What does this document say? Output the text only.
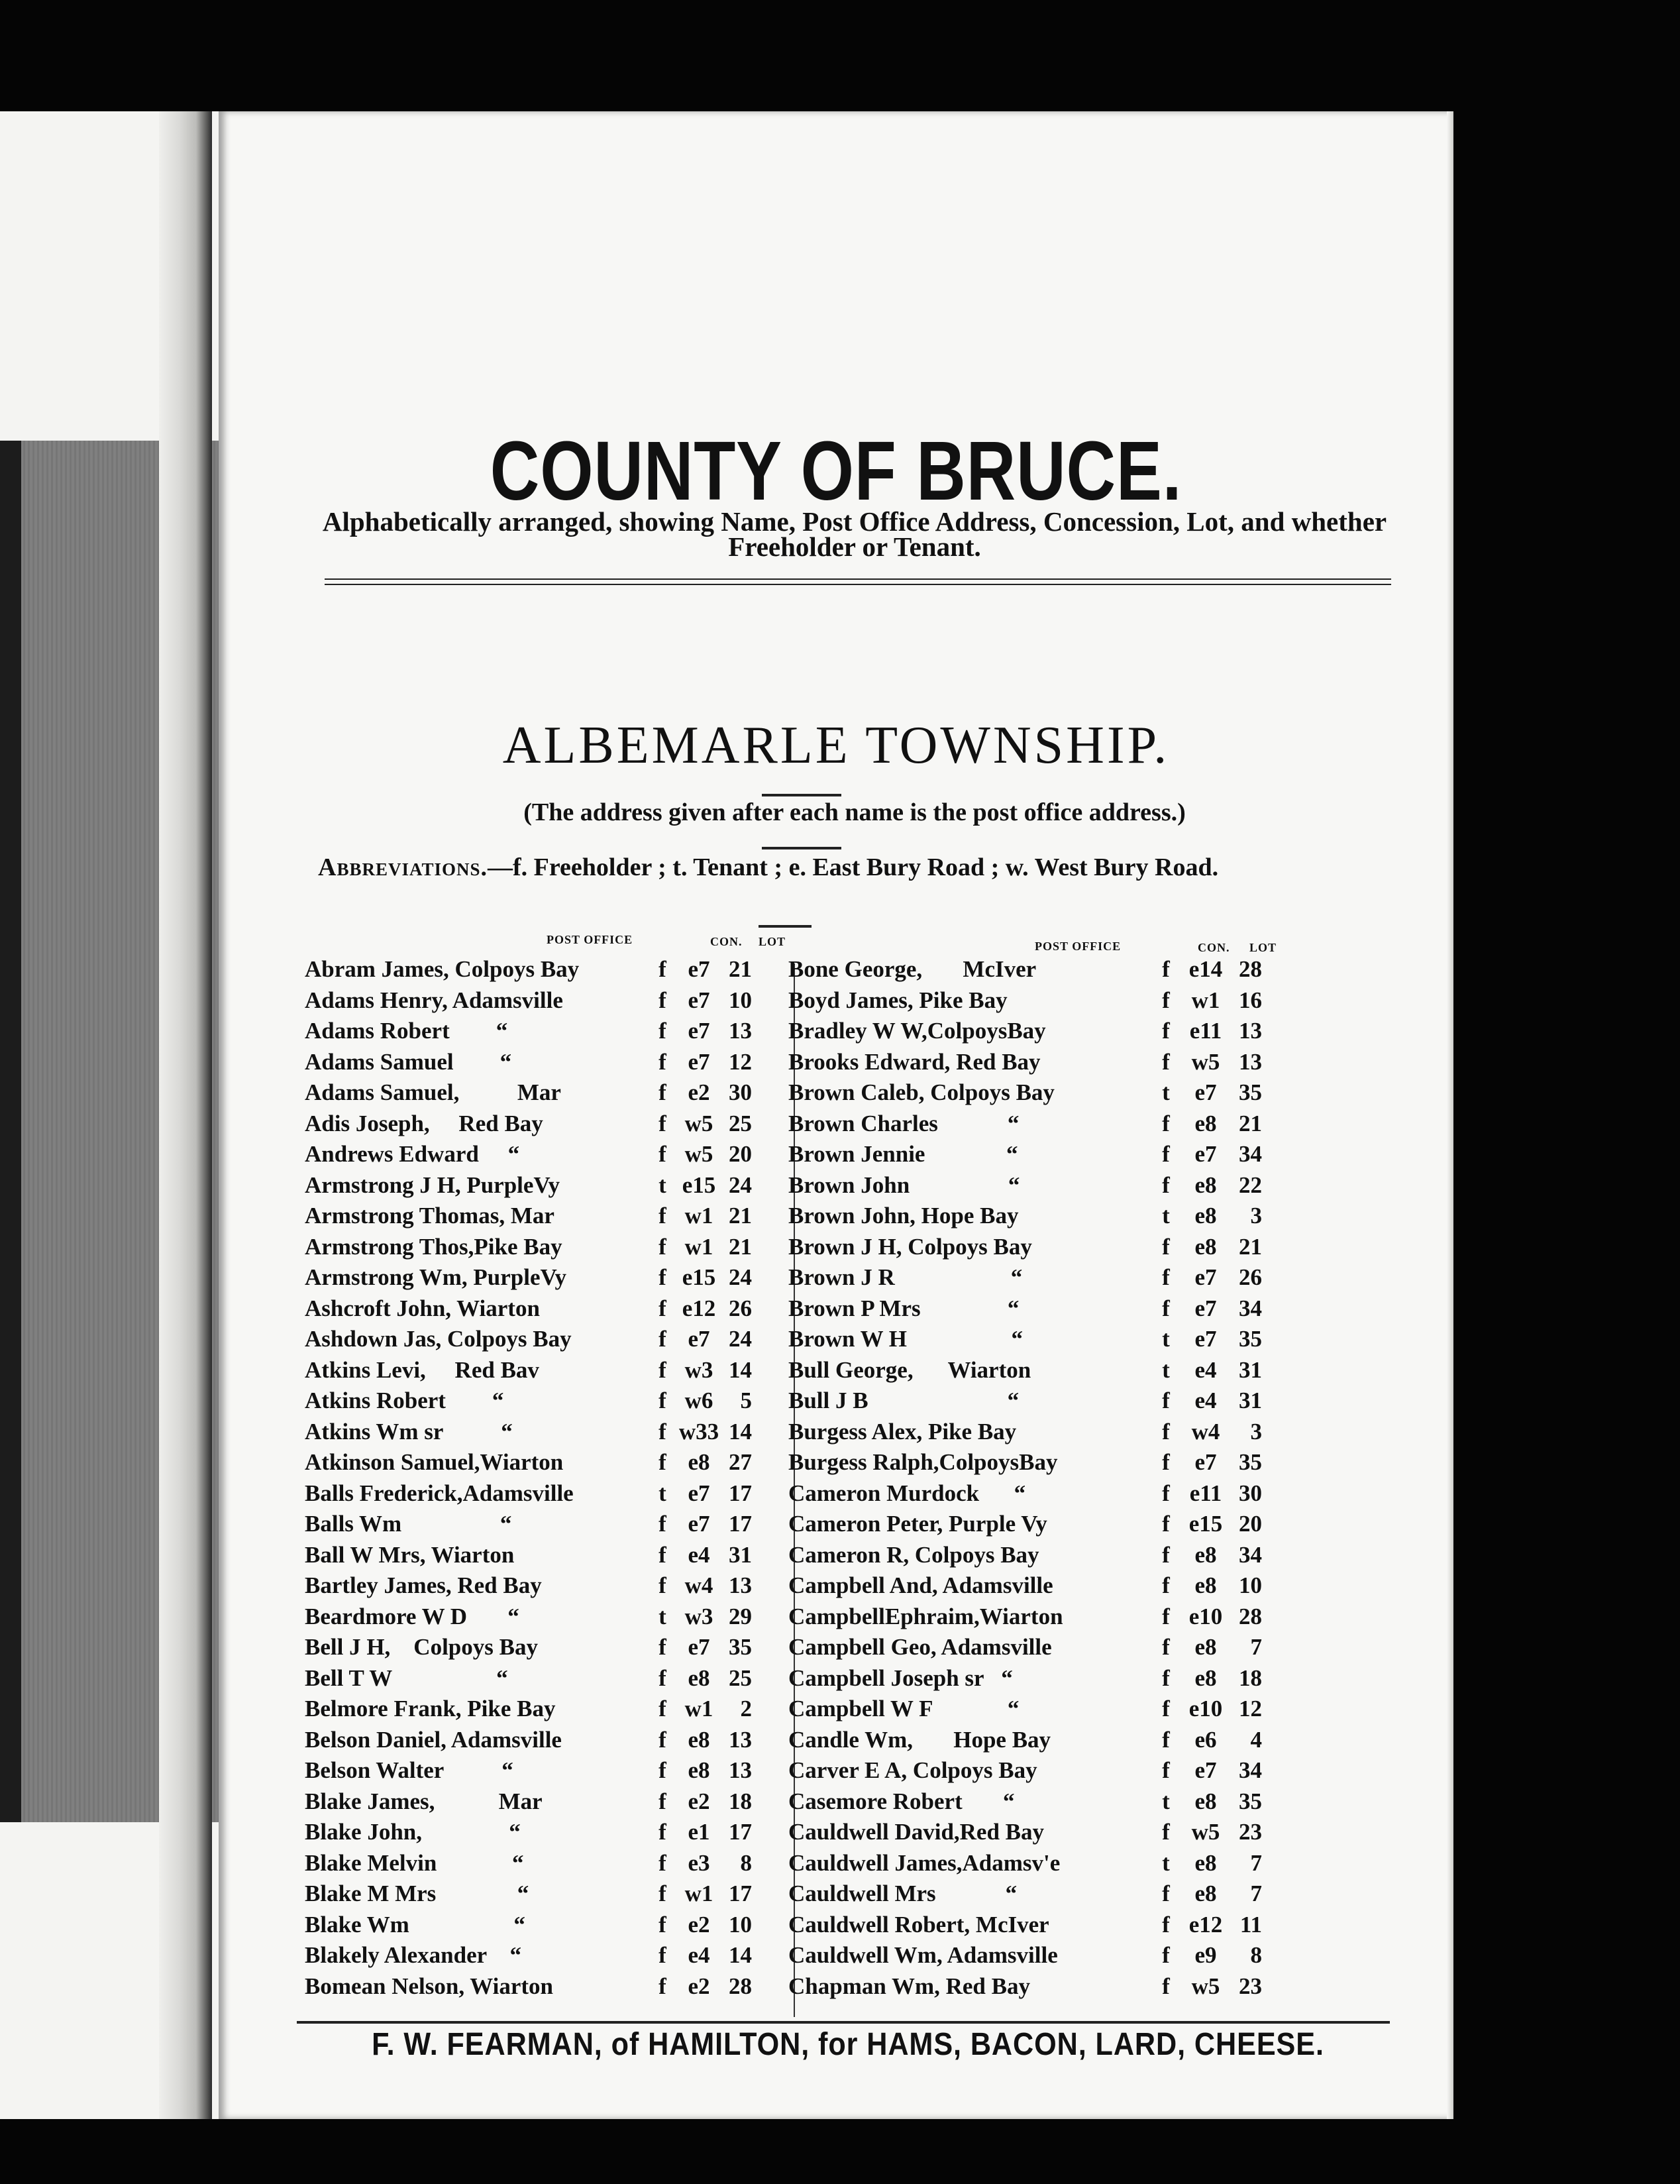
COUNTY OF BRUCE.
Alphabetically arranged, showing Name, Post Office Address, Concession, Lot, and whether Freeholder or Tenant.
ALBEMARLE TOWNSHIP.
(The address given after each name is the post office address.)
Abbreviations.—f. Freeholder ; t. Tenant ; e. East Bury Road ; w. West Bury Road.
POST OFFICE	CON. LOT	POST OFFICE	CON. LOT
Abram James, Colpoys Bay	f e7 21
Adams Henry, Adamsville	f e7 10
Adams Robert        “	f e7 13
Adams Samuel        “	f e7 12
Adams Samuel,          Mar	f e2 30
Adis Joseph,     Red Bay	f w5 25
Andrews Edward     “	f w5 20
Armstrong J H, PurpleVy	t e15 24
Armstrong Thomas, Mar	f w1 21
Armstrong Thos,Pike Bay	f w1 21
Armstrong Wm, PurpleVy	f e15 24
Ashcroft John, Wiarton	f e12 26
Ashdown Jas, Colpoys Bay	f e7 24
Atkins Levi,     Red Bav	f w3 14
Atkins Robert        “	f w6	5
Atkins Wm sr          “	f w33 14
Atkinson Samuel,Wiarton	f e8 27
Balls Frederick,Adamsville	t e7 17
Balls Wm                 “	f e7 17
Ball W Mrs, Wiarton	f e4 31
Bartley James, Red Bay	f w4 13
Beardmore W D       “	t w3 29
Bell J H,    Colpoys Bay	f e7 35
Bell T W                  “	f e8 25
Belmore Frank, Pike Bay	f w1	2
Belson Daniel, Adamsville	f e8 13
Belson Walter          “	f e8 13
Blake James,           Mar	f e2 18
Blake John,               “	f e1 17
Blake Melvin             “	f e3	8
Blake M Mrs              “	f w1 17
Blake Wm                  “	f e2 10
Blakely Alexander    “	f e4 14
Bomean Nelson, Wiarton	f e2 28
Bone George,       McIver	f e14 28
Boyd James, Pike Bay	f w1 16
Bradley W W,ColpoysBay	f e11 13
Brooks Edward, Red Bay	f w5 13
Brown Caleb, Colpoys Bay	t	e7 35
Brown Charles            “	f	e8 21
Brown Jennie              “	f	e7 34
Brown John                 “	f	e8 22
Brown John, Hope Bay	t	e8	3
Brown J H, Colpoys Bay	f	e8 21
Brown J R                    “	f	e7 26
Brown P Mrs               “	f	e7 34
Brown W H                  “	t	e7 35
Bull George,      Wiarton	t	e4 31
Bull J B                        “	f	e4 31
Burgess Alex, Pike Bay	f w4	3
Burgess Ralph,ColpoysBay	f	e7 35
Cameron Murdock      “	f e11 30
Cameron Peter, Purple Vy	f e15 20
Cameron R, Colpoys Bay	f	e8 34
Campbell And, Adamsville	f	e8 10
CampbellEphraim,Wiarton	f e10 28
Campbell Geo, Adamsville	f	e8	7
Campbell Joseph sr   “	f	e8 18
Campbell W F             “	f e10 12
Candle Wm,       Hope Bay	f	e6	4
Carver E A, Colpoys Bay	f	e7 34
Casemore Robert       “	t	e8 35
Cauldwell David,Red Bay	f w5 23
Cauldwell James,Adamsv'e	t	e8	7
Cauldwell Mrs            “	f	e8	7
Cauldwell Robert, McIver	f e12 11
Cauldwell Wm, Adamsville	f	e9	8
Chapman Wm, Red Bay	f w5 23
F. W. FEARMAN, of HAMILTON, for HAMS, BACON, LARD, CHEESE.
